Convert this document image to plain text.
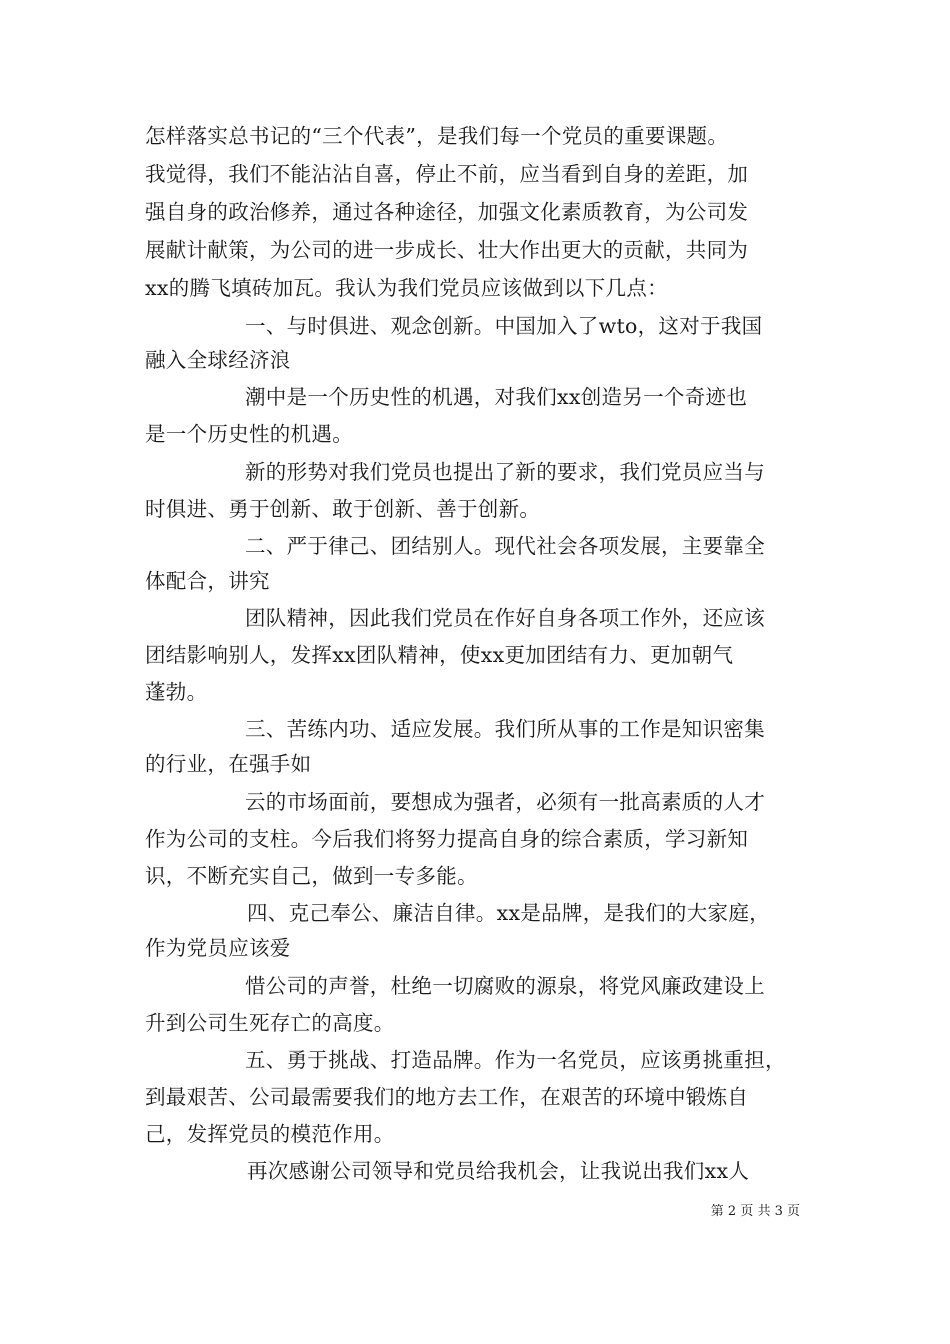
怎样落实总书记的“三个代表”，是我们每一个党员的重要课题。
我觉得，我们不能沾沾自喜，停止不前，应当看到自身的差距，加
强自身的政治修养，通过各种途径，加强文化素质教育，为公司发
展献计献策，为公司的进一步成长、壮大作出更大的贡献，共同为
xx的腾飞填砖加瓦。我认为我们党员应该做到以下几点：
一、与时俱进、观念创新。中国加入了wto，这对于我国
融入全球经济浪
潮中是一个历史性的机遇，对我们xx创造另一个奇迹也
是一个历史性的机遇。
新的形势对我们党员也提出了新的要求，我们党员应当与
时俱进、勇于创新、敢于创新、善于创新。
二、严于律己、团结别人。现代社会各项发展，主要靠全
体配合，讲究
团队精神，因此我们党员在作好自身各项工作外，还应该
团结影响别人，发挥xx团队精神，使xx更加团结有力、更加朝气
蓬勃。
三、苦练内功、适应发展。我们所从事的工作是知识密集
的行业，在强手如
云的市场面前，要想成为强者，必须有一批高素质的人才
作为公司的支柱。今后我们将努力提高自身的综合素质，学习新知
识，不断充实自己，做到一专多能。
四、克己奉公、廉洁自律。xx是品牌，是我们的大家庭，
作为党员应该爱
惜公司的声誉，杜绝一切腐败的源泉，将党风廉政建设上
升到公司生死存亡的高度。
五、勇于挑战、打造品牌。作为一名党员，应该勇挑重担，
到最艰苦、公司最需要我们的地方去工作，在艰苦的环境中锻炼自
己，发挥党员的模范作用。
再次感谢公司领导和党员给我机会，让我说出我们xx人
第 2 页 共 3 页
